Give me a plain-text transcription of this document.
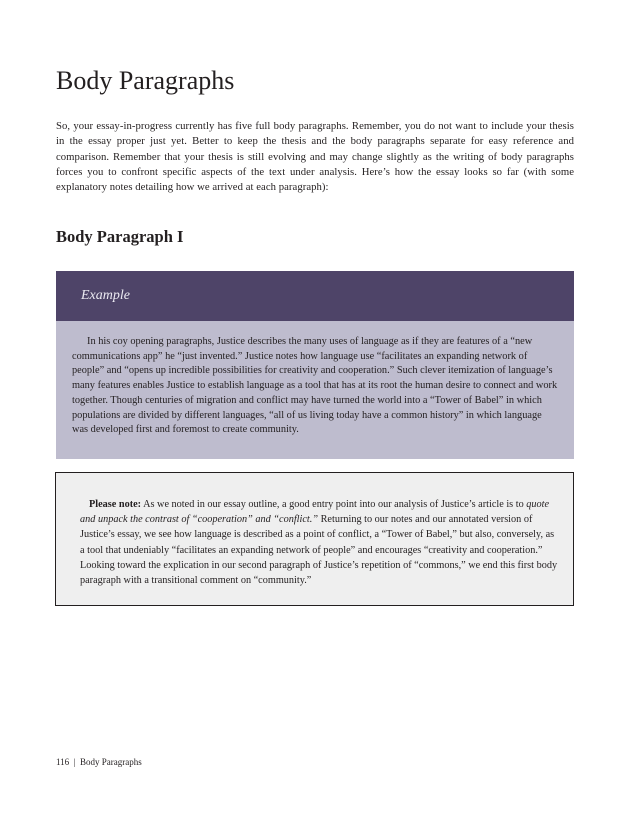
Body Paragraphs

So, your essay-in-progress currently has five full body paragraphs. Remember, you do not want to include your thesis in the essay proper just yet. Better to keep the thesis and the body paragraphs separate for easy reference and comparison. Remember that your thesis is still evolving and may change slightly as the writing of body paragraphs forces you to confront specific aspects of the text under analysis. Here’s how the essay looks so far (with some explanatory notes detailing how we arrived at each paragraph):

Body Paragraph I
Example

In his coy opening paragraphs, Justice describes the many uses of language as if they are features of a “new communications app” he “just invented.” Justice notes how language use “facilitates an expanding network of people” and “opens up incredible possibilities for creativity and cooperation.” Such clever itemization of language’s many features enables Justice to establish language as a tool that has at its root the human desire to connect and work together. Though centuries of migration and conflict may have turned the world into a “Tower of Babel” in which populations are divided by different languages, “all of us living today have a common history” in which language was developed first and foremost to create community.

Please note: As we noted in our essay outline, a good entry point into our analysis of Justice’s article is to quote and unpack the contrast of “cooperation” and “conflict.” Returning to our notes and our annotated version of Justice’s essay, we see how language is described as a point of conflict, a “Tower of Babel,” but also, conversely, as a tool that undeniably “facilitates an expanding network of people” and encourages “creativity and cooperation.” Looking toward the explication in our second paragraph of Justice’s repetition of “commons,” we end this first body paragraph with a transitional comment on “community.”

116 | Body Paragraphs
